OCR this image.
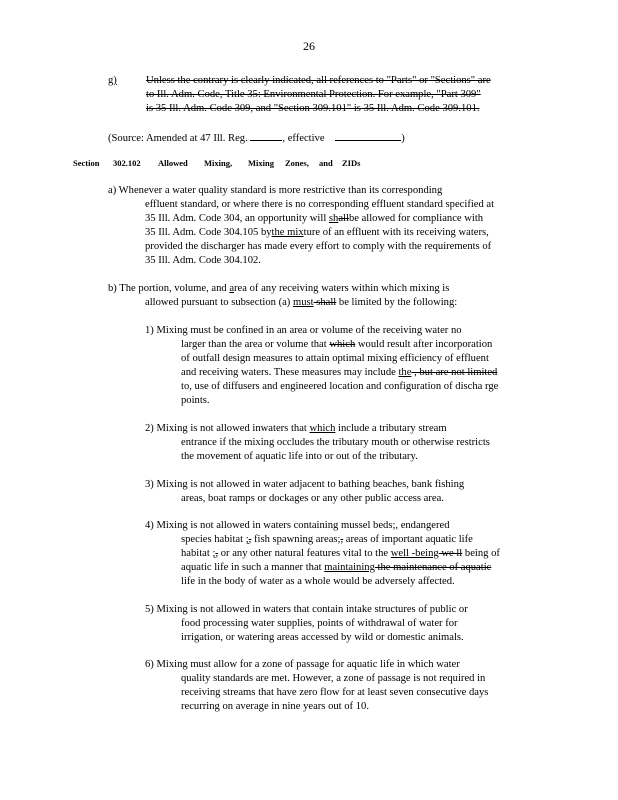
26
g)	Unless the contrary is clearly indicated, all references to "Parts" or "Sections" are
to Ill. Adm. Code, Title 35: Environmental Protection. For example, "Part 309"
is 35 Ill. Adm. Code 309, and "Section 309.101" is 35 Ill. Adm. Code 309.101.
(Source: Amended at 47 Ill. Reg.	, effective	)
Section 302.102 Allowed Mixing, Mixing Zones, and ZIDs
a) Whenever a water quality standard is more restrictive than its corresponding
effluent standard, or where there is no corresponding effluent standard specified at
35 Ill. Adm. Code 304, an opportunity will shallbe allowed for compliance with
35 Ill. Adm. Code 304.105 bythe mixture of an effluent with its receiving waters,
provided the discharger has made every effort to comply with the requirements of
35 Ill. Adm. Code 304.102.
b) The portion, volume, and area of any receiving waters within which mixing is
allowed pursuant to subsection (a) must shall be limited by the following:
1) Mixing must be confined in an area or volume of the receiving water no
larger than the area or volume that which would result after incorporation
of outfall design measures to attain optimal mixing efficiency of effluent
and receiving waters. These measures may include the , but are not limited
to, use of diffusers and engineered location and configuration of discha rge
points.
2) Mixing is not allowed inwaters that which include a tributary stream
entrance if the mixing occludes the tributary mouth or otherwise restricts
the movement of aquatic life into or out of the tributary.
3) Mixing is not allowed in water adjacent to bathing beaches, bank fishing
areas, boat ramps or dockages or any other public access area.
4) Mixing is not allowed in waters containing mussel beds;, endangered
species habitat ;, fish spawning areas;, areas of important aquatic life
habitat ;, or any other natural features vital to the well -being we ll being of
aquatic life in such a manner that maintaining the maintenance of aquatic
life in the body of water as a whole would be adversely affected.
5) Mixing is not allowed in waters that contain intake structures of public or
food processing water supplies, points of withdrawal of water for
irrigation, or watering areas accessed by wild or domestic animals.
6) Mixing must allow for a zone of passage for aquatic life in which water
quality standards are met. However, a zone of passage is not required in
receiving streams that have zero flow for at least seven consecutive days
recurring on average in nine years out of 10.
